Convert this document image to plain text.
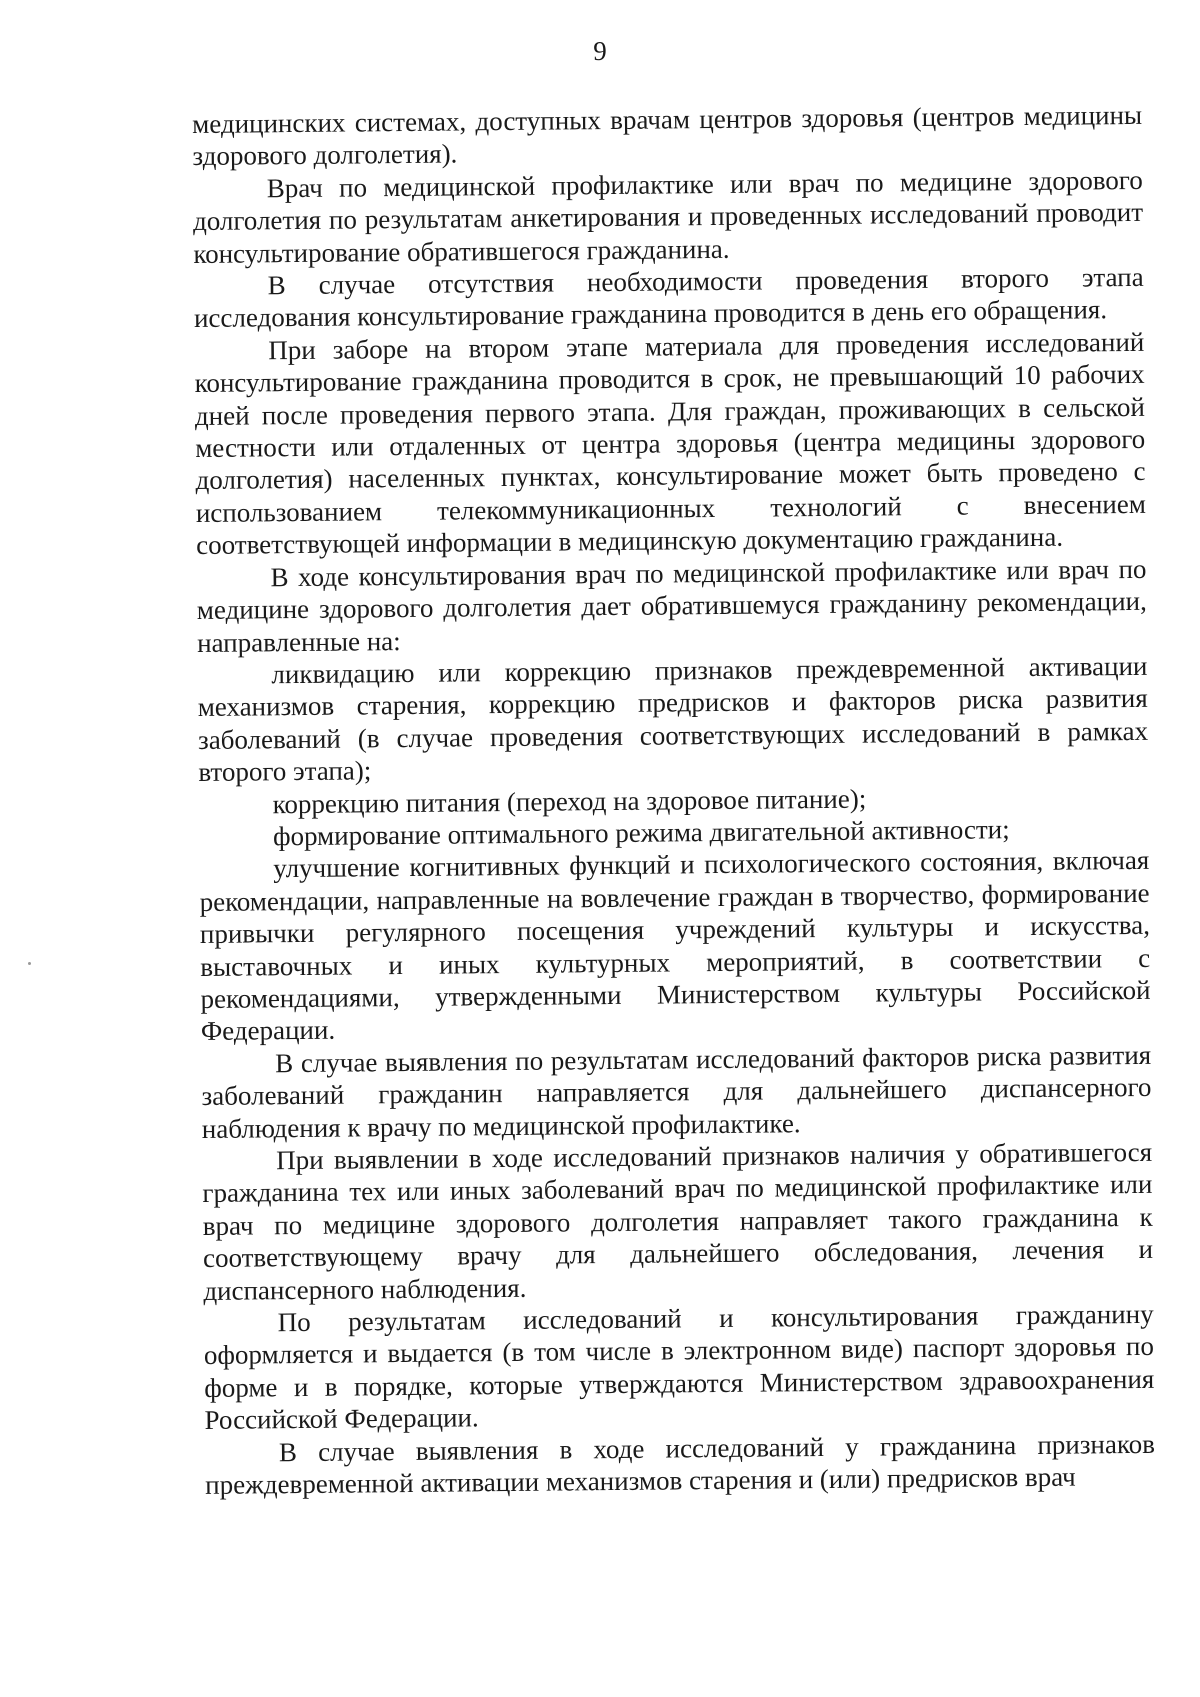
9

медицинских системах, доступных врачам центров здоровья (центров медицины здорового долголетия).

Врач по медицинской профилактике или врач по медицине здорового долголетия по результатам анкетирования и проведенных исследований проводит консультирование обратившегося гражданина.

В случае отсутствия необходимости проведения второго этапа исследования консультирование гражданина проводится в день его обращения.

При заборе на втором этапе материала для проведения исследований консультирование гражданина проводится в срок, не превышающий 10 рабочих дней после проведения первого этапа. Для граждан, проживающих в сельской местности или отдаленных от центра здоровья (центра медицины здорового долголетия) населенных пунктах, консультирование может быть проведено с использованием телекоммуникационных технологий с внесением соответствующей информации в медицинскую документацию гражданина.

В ходе консультирования врач по медицинской профилактике или врач по медицине здорового долголетия дает обратившемуся гражданину рекомендации, направленные на:

ликвидацию или коррекцию признаков преждевременной активации механизмов старения, коррекцию предрисков и факторов риска развития заболеваний (в случае проведения соответствующих исследований в рамках второго этапа);

коррекцию питания (переход на здоровое питание);

формирование оптимального режима двигательной активности;

улучшение когнитивных функций и психологического состояния, включая рекомендации, направленные на вовлечение граждан в творчество, формирование привычки регулярного посещения учреждений культуры и искусства, выставочных и иных культурных мероприятий, в соответствии с рекомендациями, утвержденными Министерством культуры Российской Федерации.

В случае выявления по результатам исследований факторов риска развития заболеваний гражданин направляется для дальнейшего диспансерного наблюдения к врачу по медицинской профилактике.

При выявлении в ходе исследований признаков наличия у обратившегося гражданина тех или иных заболеваний врач по медицинской профилактике или врач по медицине здорового долголетия направляет такого гражданина к соответствующему врачу для дальнейшего обследования, лечения и диспансерного наблюдения.

По результатам исследований и консультирования гражданину оформляется и выдается (в том числе в электронном виде) паспорт здоровья по форме и в порядке, которые утверждаются Министерством здравоохранения Российской Федерации.

В случае выявления в ходе исследований у гражданина признаков преждевременной активации механизмов старения и (или) предрисков врач
